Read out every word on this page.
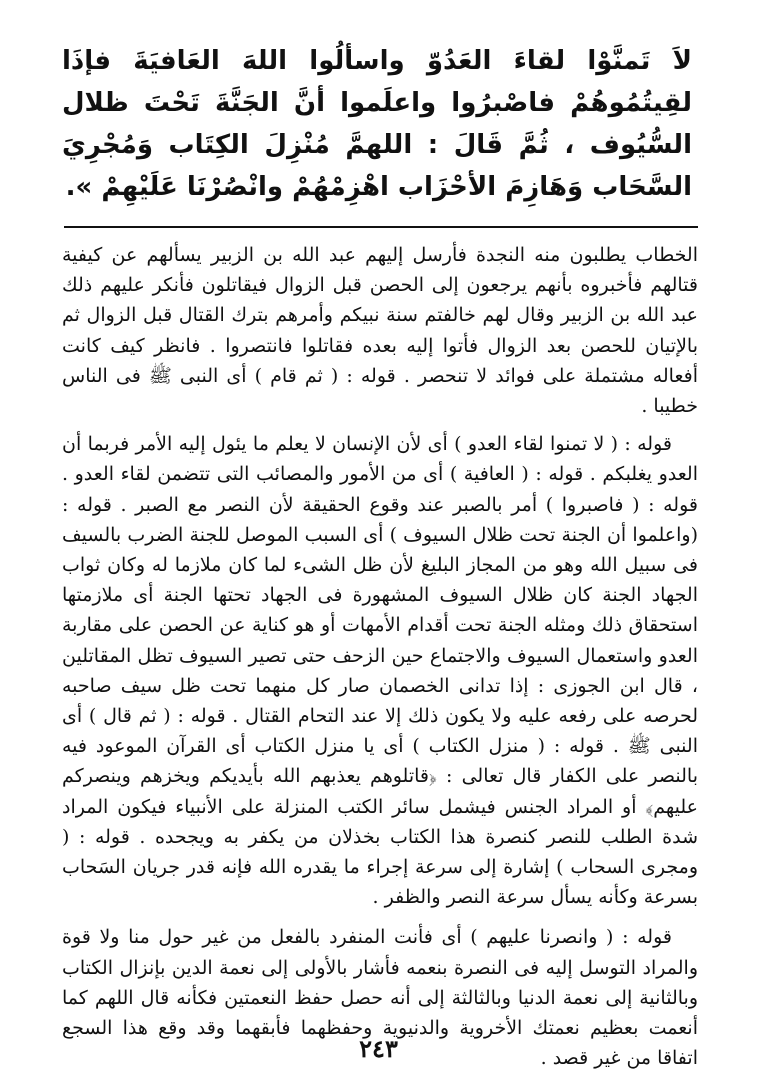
لاَ تَمنَّوْا لقاءَ العَدُوّ واسألُوا اللهَ العَافيَةَ فإذَا لقِيتُمُوهُمْ فاصْبرُوا واعلَموا أنَّ الجَنَّةَ تَحْتَ ظلال السُّيُوف ، ثُمَّ قَالَ : اللهمَّ مُنْزِلَ الكِتَاب وَمُجْرِيَ السَّحَاب وَهَازِمَ الأحْزَاب اهْزِمْهُمْ وانْصُرْنَا عَلَيْهِمْ ».

الخطاب يطلبون منه النجدة فأرسل إليهم عبد الله بن الزبير يسألهم عن كيفية قتالهم فأخبروه بأنهم يرجعون إلى الحصن قبل الزوال فيقاتلون فأنكر عليهم ذلك عبد الله بن الزبير وقال لهم خالفتم سنة نبيكم وأمرهم بترك القتال قبل الزوال ثم بالإتيان للحصن بعد الزوال فأتوا إليه بعده فقاتلوا فانتصروا . فانظر كيف كانت أفعاله مشتملة على فوائد لا تنحصر . قوله : ( ثم قام ) أى النبى ﷺ فى الناس خطيبا .

قوله : ( لا تمنوا لقاء العدو ) أى لأن الإنسان لا يعلم ما يئول إليه الأمر فربما أن العدو يغلبكم . قوله : ( العافية ) أى من الأمور والمصائب التى تتضمن لقاء العدو . قوله : ( فاصبروا ) أمر بالصبر عند وقوع الحقيقة لأن النصر مع الصبر . قوله : (واعلموا أن الجنة تحت ظلال السيوف ) أى السبب الموصل للجنة الضرب بالسيف فى سبيل الله وهو من المجاز البليغ لأن ظل الشىء لما كان ملازما له وكان ثواب الجهاد الجنة كان ظلال السيوف المشهورة فى الجهاد تحتها الجنة أى ملازمتها استحقاق ذلك ومثله الجنة تحت أقدام الأمهات أو هو كناية عن الحصن على مقاربة العدو واستعمال السيوف والاجتماع حين الزحف حتى تصير السيوف تظل المقاتلين ، قال ابن الجوزى : إذا تدانى الخصمان صار كل منهما تحت ظل سيف صاحبه لحرصه على رفعه عليه ولا يكون ذلك إلا عند التحام القتال . قوله : ( ثم قال ) أى النبى ﷺ . قوله : ( منزل الكتاب ) أى يا منزل الكتاب أى القرآن الموعود فيه بالنصر على الكفار قال تعالى : ﴿قاتلوهم يعذبهم الله بأيديكم ويخزهم وينصركم عليهم﴾ أو المراد الجنس فيشمل سائر الكتب المنزلة على الأنبياء فيكون المراد شدة الطلب للنصر كنصرة هذا الكتاب بخذلان من يكفر به ويجحده . قوله : ( ومجرى السحاب ) إشارة إلى سرعة إجراء ما يقدره الله فإنه قدر جريان السَحاب بسرعة وكأنه يسأل سرعة النصر والظفر .

قوله : ( وانصرنا عليهم ) أى فأنت المنفرد بالفعل من غير حول منا ولا قوة والمراد التوسل إليه فى النصرة بنعمه فأشار بالأولى إلى نعمة الدين بإنزال الكتاب وبالثانية إلى نعمة الدنيا وبالثالثة إلى أنه حصل حفظ النعمتين فكأنه قال اللهم كما أنعمت بعظيم نعمتك الأخروية والدنيوية وحفظهما فأبقهما وقد وقع هذا السجع اتفاقا من غير قصد .

٢٤٣
